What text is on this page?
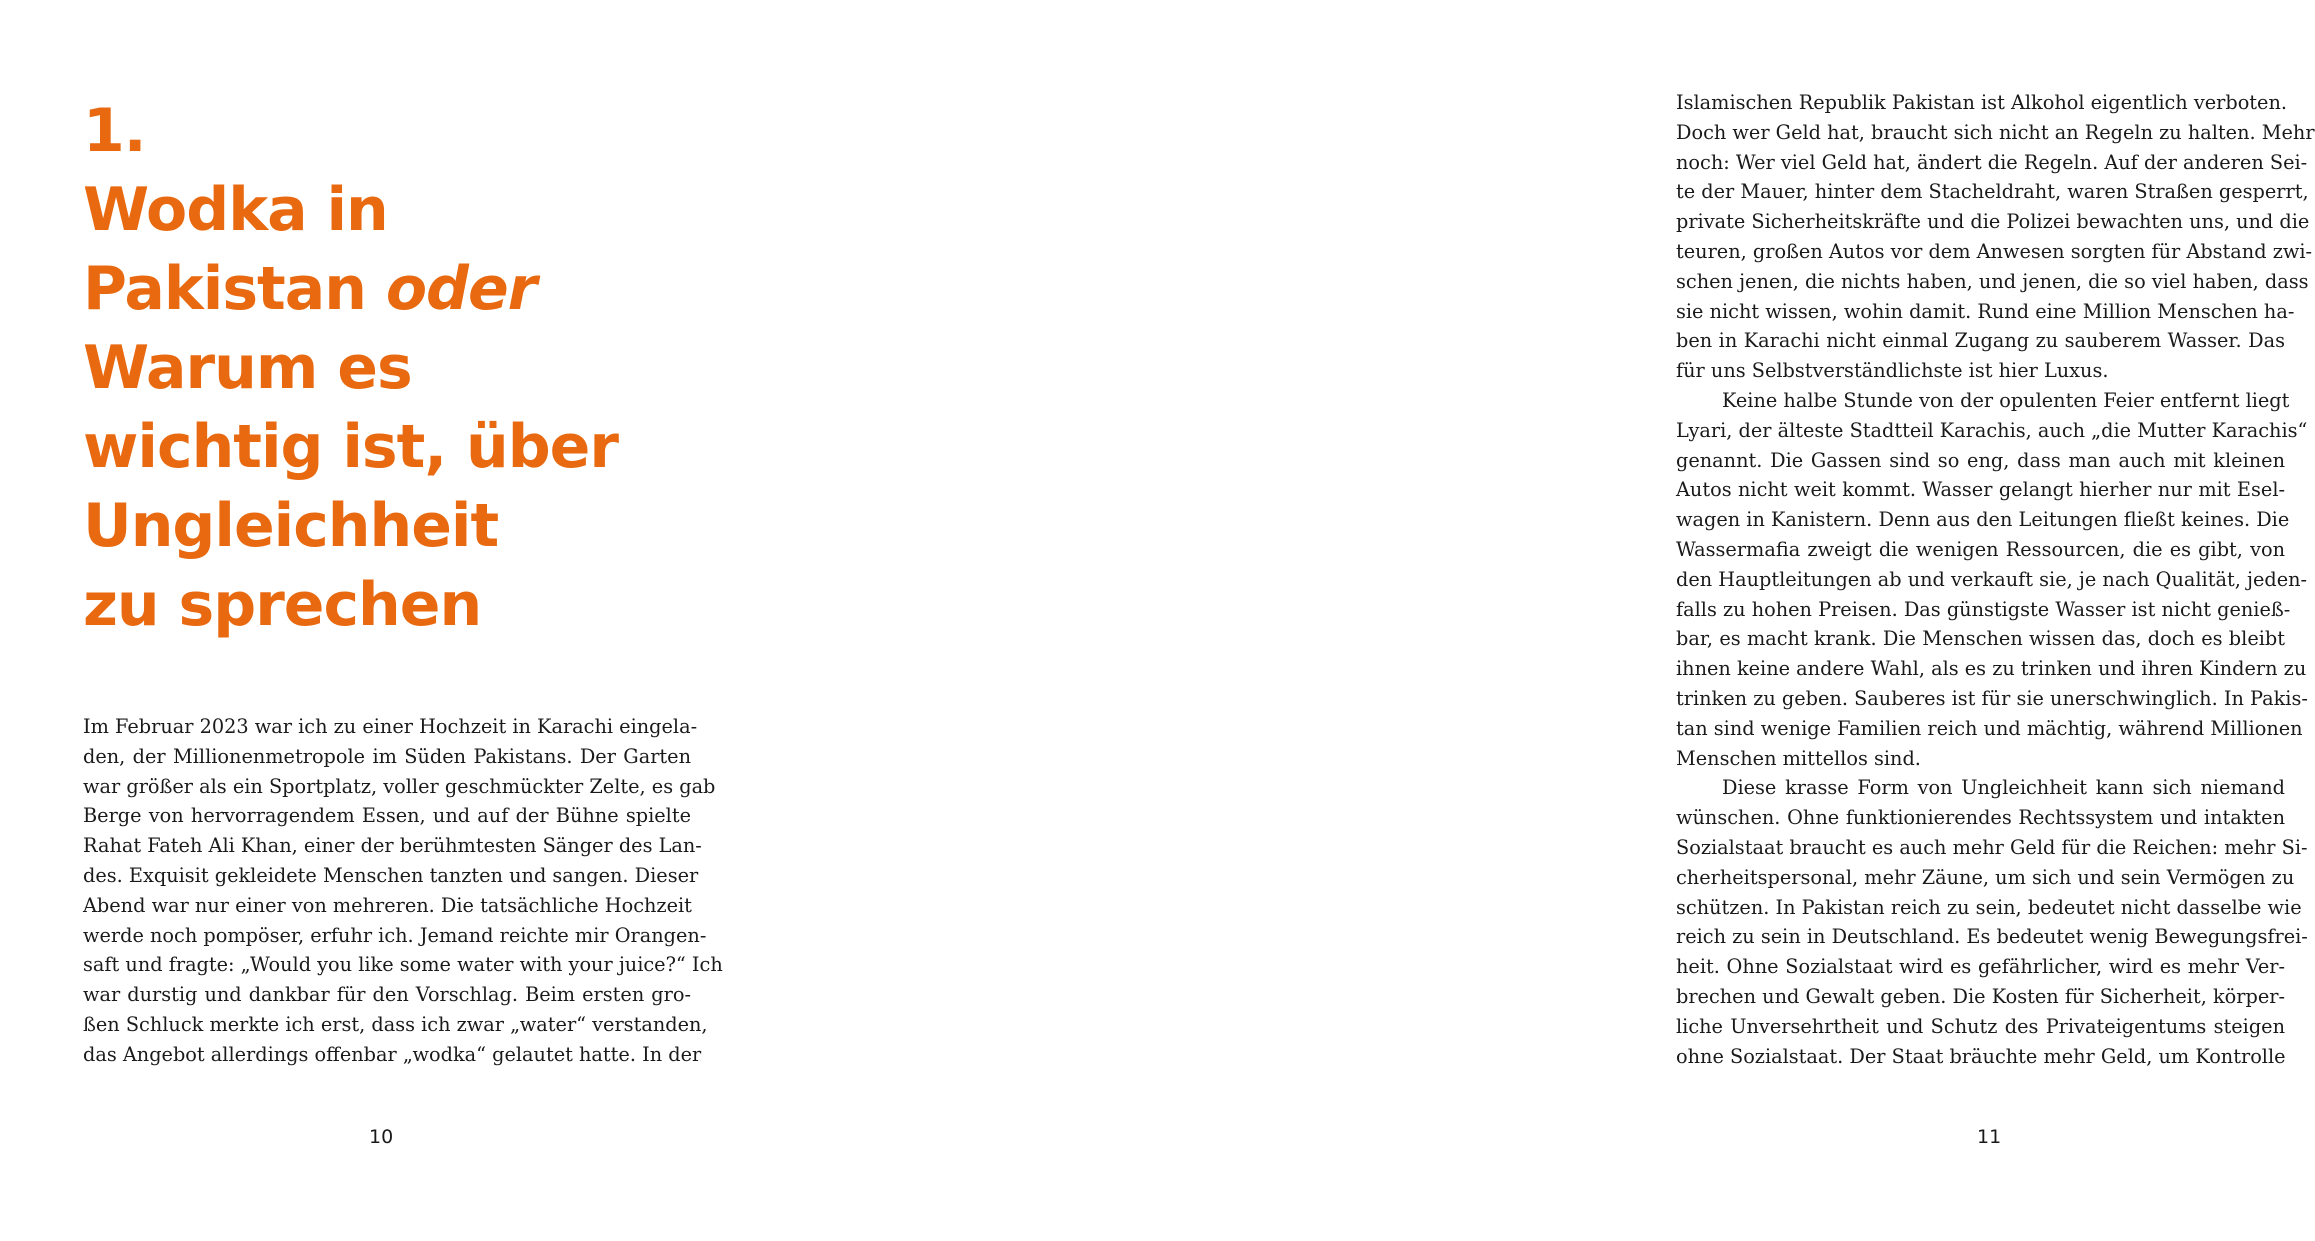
1.
Wodka in
Pakistan oder
Warum es
wichtig ist, über
Ungleichheit
zu sprechen
Im Februar 2023 war ich zu einer Hochzeit in Karachi eingela-
den, der Millionenmetropole im Süden Pakistans. Der Garten
war größer als ein Sportplatz, voller geschmückter Zelte, es gab
Berge von hervorragendem Essen, und auf der Bühne spielte
Rahat Fateh Ali Khan, einer der berühmtesten Sänger des Lan-
des. Exquisit gekleidete Menschen tanzten und sangen. Dieser
Abend war nur einer von mehreren. Die tatsächliche Hochzeit
werde noch pompöser, erfuhr ich. Jemand reichte mir Orangen-
saft und fragte: „Would you like some water with your juice?“ Ich
war durstig und dankbar für den Vorschlag. Beim ersten gro-
ßen Schluck merkte ich erst, dass ich zwar „water“ verstanden,
das Angebot allerdings offenbar „wodka“ gelautet hatte. In der

10

Islamischen Republik Pakistan ist Alkohol eigentlich verboten.
Doch wer Geld hat, braucht sich nicht an Regeln zu halten. Mehr
noch: Wer viel Geld hat, ändert die Regeln. Auf der anderen Sei-
te der Mauer, hinter dem Stacheldraht, waren Straßen gesperrt,
private Sicherheitskräfte und die Polizei bewachten uns, und die
teuren, großen Autos vor dem Anwesen sorgten für Abstand zwi-
schen jenen, die nichts haben, und jenen, die so viel haben, dass
sie nicht wissen, wohin damit. Rund eine Million Menschen ha-
ben in Karachi nicht einmal Zugang zu sauberem Wasser. Das
für uns Selbstverständlichste ist hier Luxus.
Keine halbe Stunde von der opulenten Feier entfernt liegt
Lyari, der älteste Stadtteil Karachis, auch „die Mutter Karachis“
genannt. Die Gassen sind so eng, dass man auch mit kleinen
Autos nicht weit kommt. Wasser gelangt hierher nur mit Esel-
wagen in Kanistern. Denn aus den Leitungen fließt keines. Die
Wassermafia zweigt die wenigen Ressourcen, die es gibt, von
den Hauptleitungen ab und verkauft sie, je nach Qualität, jeden-
falls zu hohen Preisen. Das günstigste Wasser ist nicht genieß-
bar, es macht krank. Die Menschen wissen das, doch es bleibt
ihnen keine andere Wahl, als es zu trinken und ihren Kindern zu
trinken zu geben. Sauberes ist für sie unerschwinglich. In Pakis-
tan sind wenige Familien reich und mächtig, während Millionen
Menschen mittellos sind.
Diese krasse Form von Ungleichheit kann sich niemand
wünschen. Ohne funktionierendes Rechtssystem und intakten
Sozialstaat braucht es auch mehr Geld für die Reichen: mehr Si-
cherheitspersonal, mehr Zäune, um sich und sein Vermögen zu
schützen. In Pakistan reich zu sein, bedeutet nicht dasselbe wie
reich zu sein in Deutschland. Es bedeutet wenig Bewegungsfrei-
heit. Ohne Sozialstaat wird es gefährlicher, wird es mehr Ver-
brechen und Gewalt geben. Die Kosten für Sicherheit, körper-
liche Unversehrtheit und Schutz des Privateigentums steigen
ohne Sozialstaat. Der Staat bräuchte mehr Geld, um Kontrolle

11
